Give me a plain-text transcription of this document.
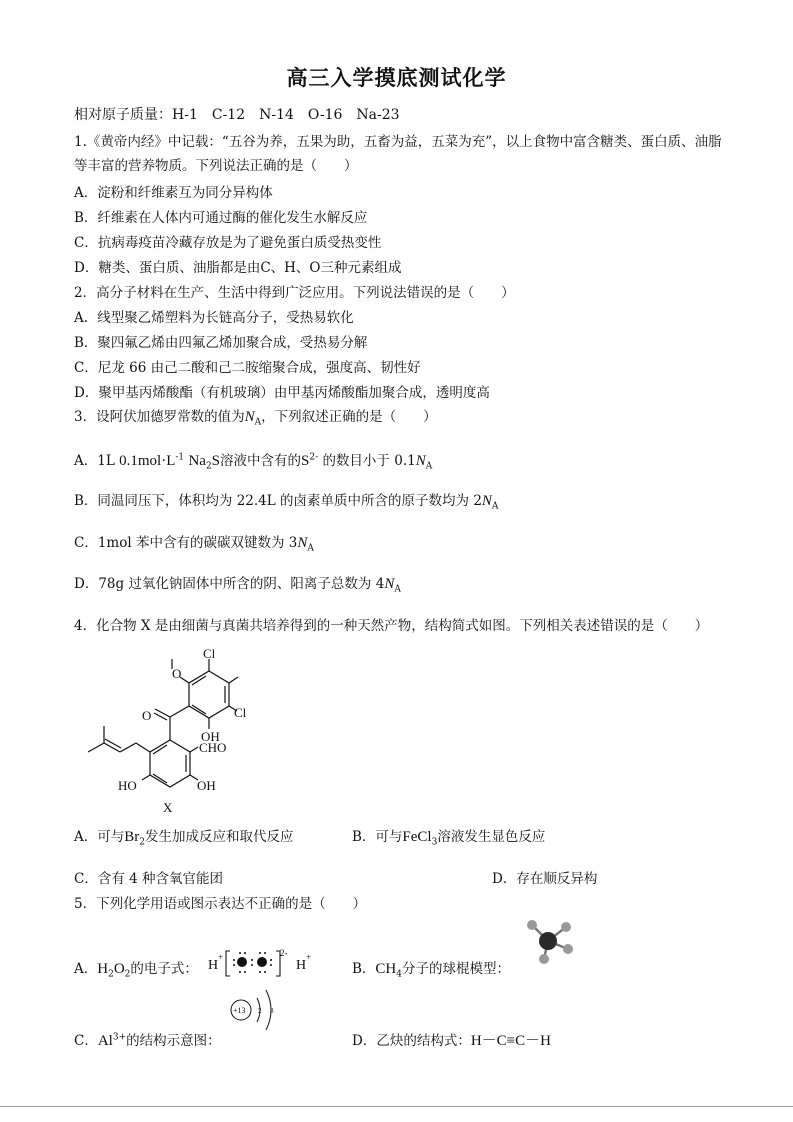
高三入学摸底测试化学
相对原子质量：H-1　C-12　N-14　O-16　Na-23
1.《黄帝内经》中记载：“五谷为养，五果为助，五畜为益，五菜为充”，以上食物中富含糖类、蛋白质、油脂等丰富的营养物质。下列说法正确的是（　　）
A．淀粉和纤维素互为同分异构体
B．纤维素在人体内可通过酶的催化发生水解反应
C．抗病毒疫苗冷藏存放是为了避免蛋白质受热变性
D．糖类、蛋白质、油脂都是由C、H、O三种元素组成
2．高分子材料在生产、生活中得到广泛应用。下列说法错误的是（　　）
A．线型聚乙烯塑料为长链高分子，受热易软化
B．聚四氟乙烯由四氟乙烯加聚合成，受热易分解
C．尼龙 66 由己二酸和己二胺缩聚合成，强度高、韧性好
D．聚甲基丙烯酸酯（有机玻璃）由甲基丙烯酸酯加聚合成，透明度高
3．设阿伏加德罗常数的值为$N_A$，下列叙述正确的是（　　）
A．1L $0.1mol\cdot L^{-1}$ $Na_2S$溶液中含有的$S^{2-}$ 的数目小于 $0.1N_A$
B．同温同压下，体积均为 22.4L 的卤素单质中所含的原子数均为 $2N_A$
C．1mol 苯中含有的碳碳双键数为 $3N_A$
D．78g 过氧化钠固体中所含的阴、阳离子总数为 $4N_A$
4．化合物 X 是由细菌与真菌共培养得到的一种天然产物，结构简式如图。下列相关表述错误的是（　　）
Cl
Cl
OH
O
O
CHO
OH
HO
X
A．可与$Br_2$发生加成反应和取代反应	B．可与FeCl$_3$溶液发生显色反应
C．含有 4 种含氧官能团	D．存在顺反异构
5．下列化学用语或图示表达不正确的是（　　）
A．$H_2O_2$的电子式： H
+
H
+
2-
B．$CH_4$分子的球棍模型：
C．$Al^{3+}$的结构示意图：
+13 2 8
D．乙炔的结构式：H－C≡C－H
